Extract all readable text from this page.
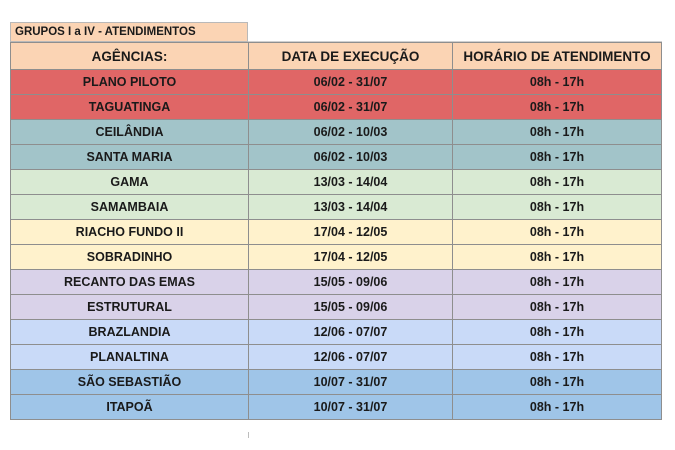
GRUPOS I a IV - ATENDIMENTOS
AGÊNCIAS:	DATA DE EXECUÇÃO	HORÁRIO DE ATENDIMENTO
PLANO PILOTO	06/02 - 31/07	08h - 17h
TAGUATINGA	06/02 - 31/07	08h - 17h
CEILÂNDIA	06/02 - 10/03	08h - 17h
SANTA MARIA	06/02 - 10/03	08h - 17h
GAMA	13/03 - 14/04	08h - 17h
SAMAMBAIA	13/03 - 14/04	08h - 17h
RIACHO FUNDO II	17/04 - 12/05	08h - 17h
SOBRADINHO	17/04 - 12/05	08h - 17h
RECANTO DAS EMAS	15/05 - 09/06	08h - 17h
ESTRUTURAL	15/05 - 09/06	08h - 17h
BRAZLANDIA	12/06 - 07/07	08h - 17h
PLANALTINA	12/06 - 07/07	08h - 17h
SÃO SEBASTIÃO	10/07 - 31/07	08h - 17h
ITAPOÃ	10/07 - 31/07	08h - 17h
